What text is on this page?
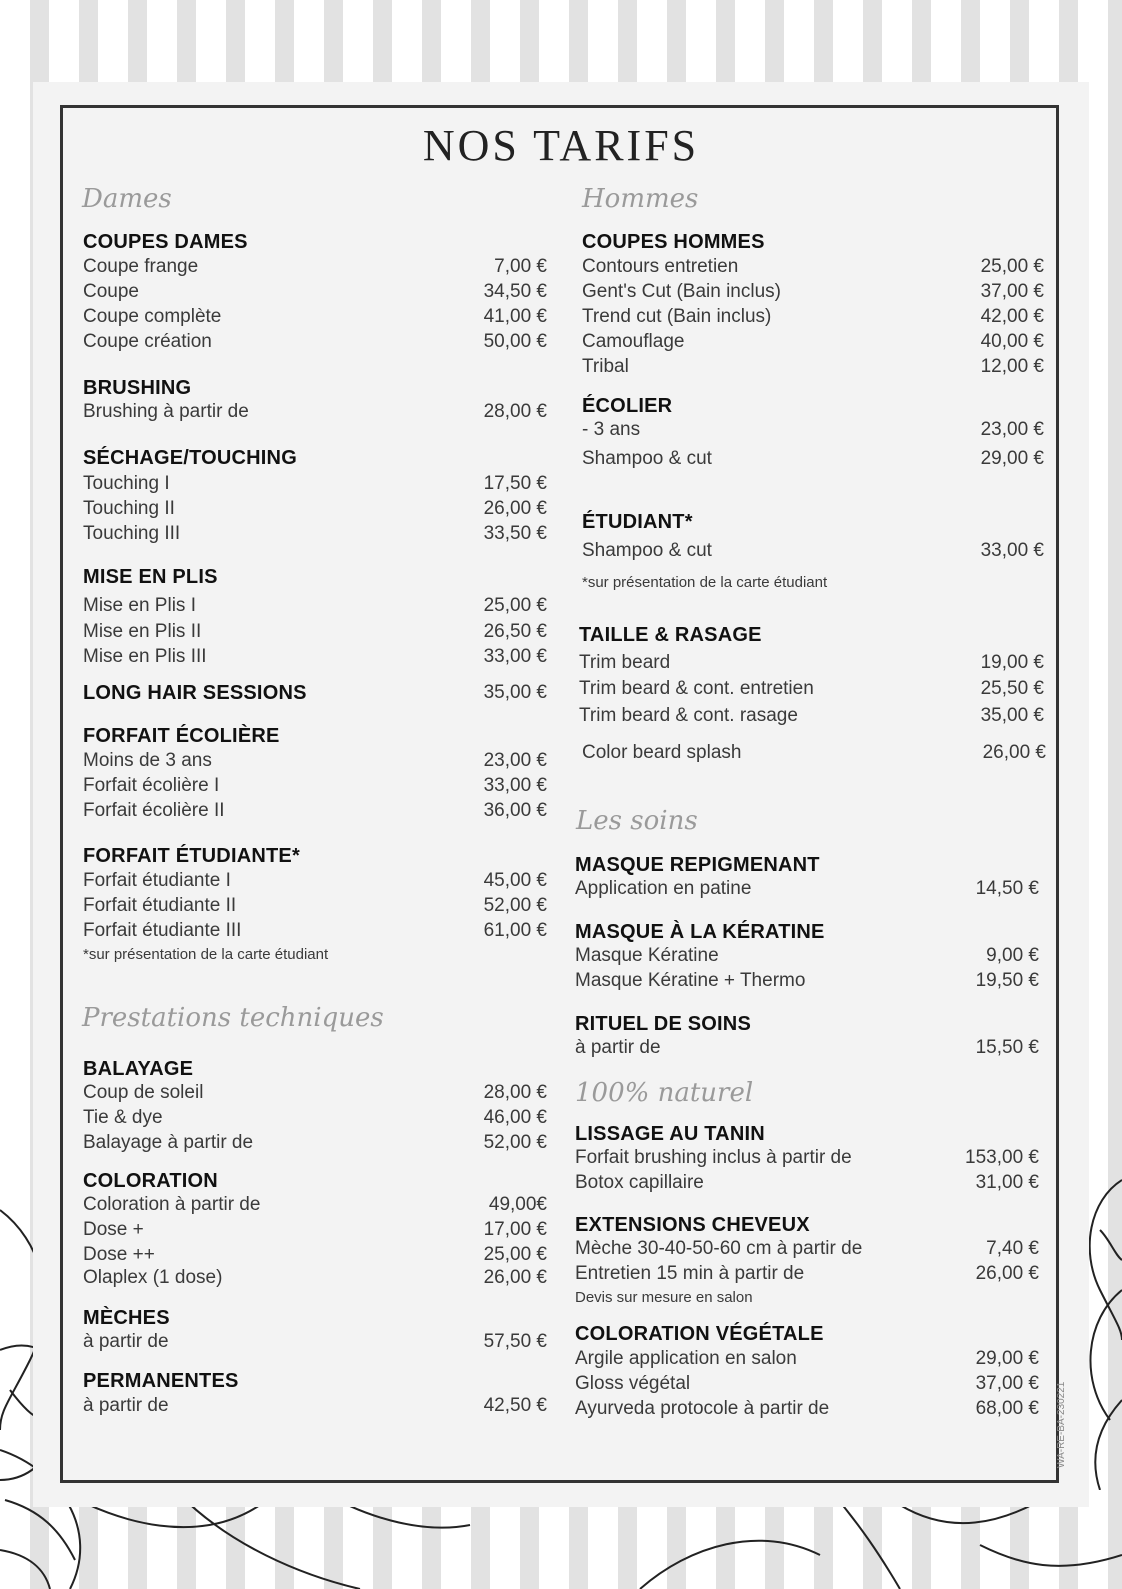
NOS TARIFS
WA-RE-BA-230221
Dames
COUPES DAMES
Coupe frange	7,00 €
Coupe	34,50 €
Coupe complète	41,00 €
Coupe création	50,00 €
BRUSHING
Brushing à partir de	28,00 €
SÉCHAGE/TOUCHING
Touching I	17,50 €
Touching II	26,00 €
Touching III	33,50 €
MISE EN PLIS
Mise en Plis I	25,00 €
Mise en Plis II	26,50 €
Mise en Plis III	33,00 €
LONG HAIR SESSIONS	35,00 €
FORFAIT ÉCOLIÈRE
Moins de 3 ans	23,00 €
Forfait écolière I	33,00 €
Forfait écolière II	36,00 €
FORFAIT ÉTUDIANTE*
Forfait étudiante I	45,00 €
Forfait étudiante II	52,00 €
Forfait étudiante III	61,00 €
*sur présentation de la carte étudiant
Prestations techniques
BALAYAGE
Coup de soleil	28,00 €
Tie & dye	46,00 €
Balayage à partir de	52,00 €
COLORATION
Coloration à partir de	49,00€
Dose +	17,00 €
Dose ++	25,00 €
Olaplex (1 dose)	26,00 €
MÈCHES
à partir de	57,50 €
PERMANENTES
à partir de	42,50 €
Hommes
COUPES HOMMES
Contours entretien	25,00 €
Gent's Cut (Bain inclus)	37,00 €
Trend cut (Bain inclus)	42,00 €
Camouflage	40,00 €
Tribal	12,00 €
ÉCOLIER
- 3 ans	23,00 €
Shampoo & cut	29,00 €
ÉTUDIANT*
Shampoo & cut	33,00 €
*sur présentation de la carte étudiant
TAILLE & RASAGE
Trim beard	19,00 €
Trim beard & cont. entretien	25,50 €
Trim beard & cont. rasage	35,00 €
Color beard splash	26,00 €
Les soins
MASQUE REPIGMENANT
Application en patine	14,50 €
MASQUE À LA KÉRATINE
Masque Kératine	9,00 €
Masque Kératine + Thermo	19,50 €
RITUEL DE SOINS
à partir de	15,50 €
100% naturel
LISSAGE AU TANIN
Forfait brushing inclus à partir de	153,00 €
Botox capillaire	31,00 €
EXTENSIONS CHEVEUX
Mèche 30-40-50-60 cm à partir de	7,40 €
Entretien 15 min à partir de	26,00 €
Devis sur mesure en salon
COLORATION VÉGÉTALE
Argile application en salon	29,00 €
Gloss végétal	37,00 €
Ayurveda protocole à partir de	68,00 €
